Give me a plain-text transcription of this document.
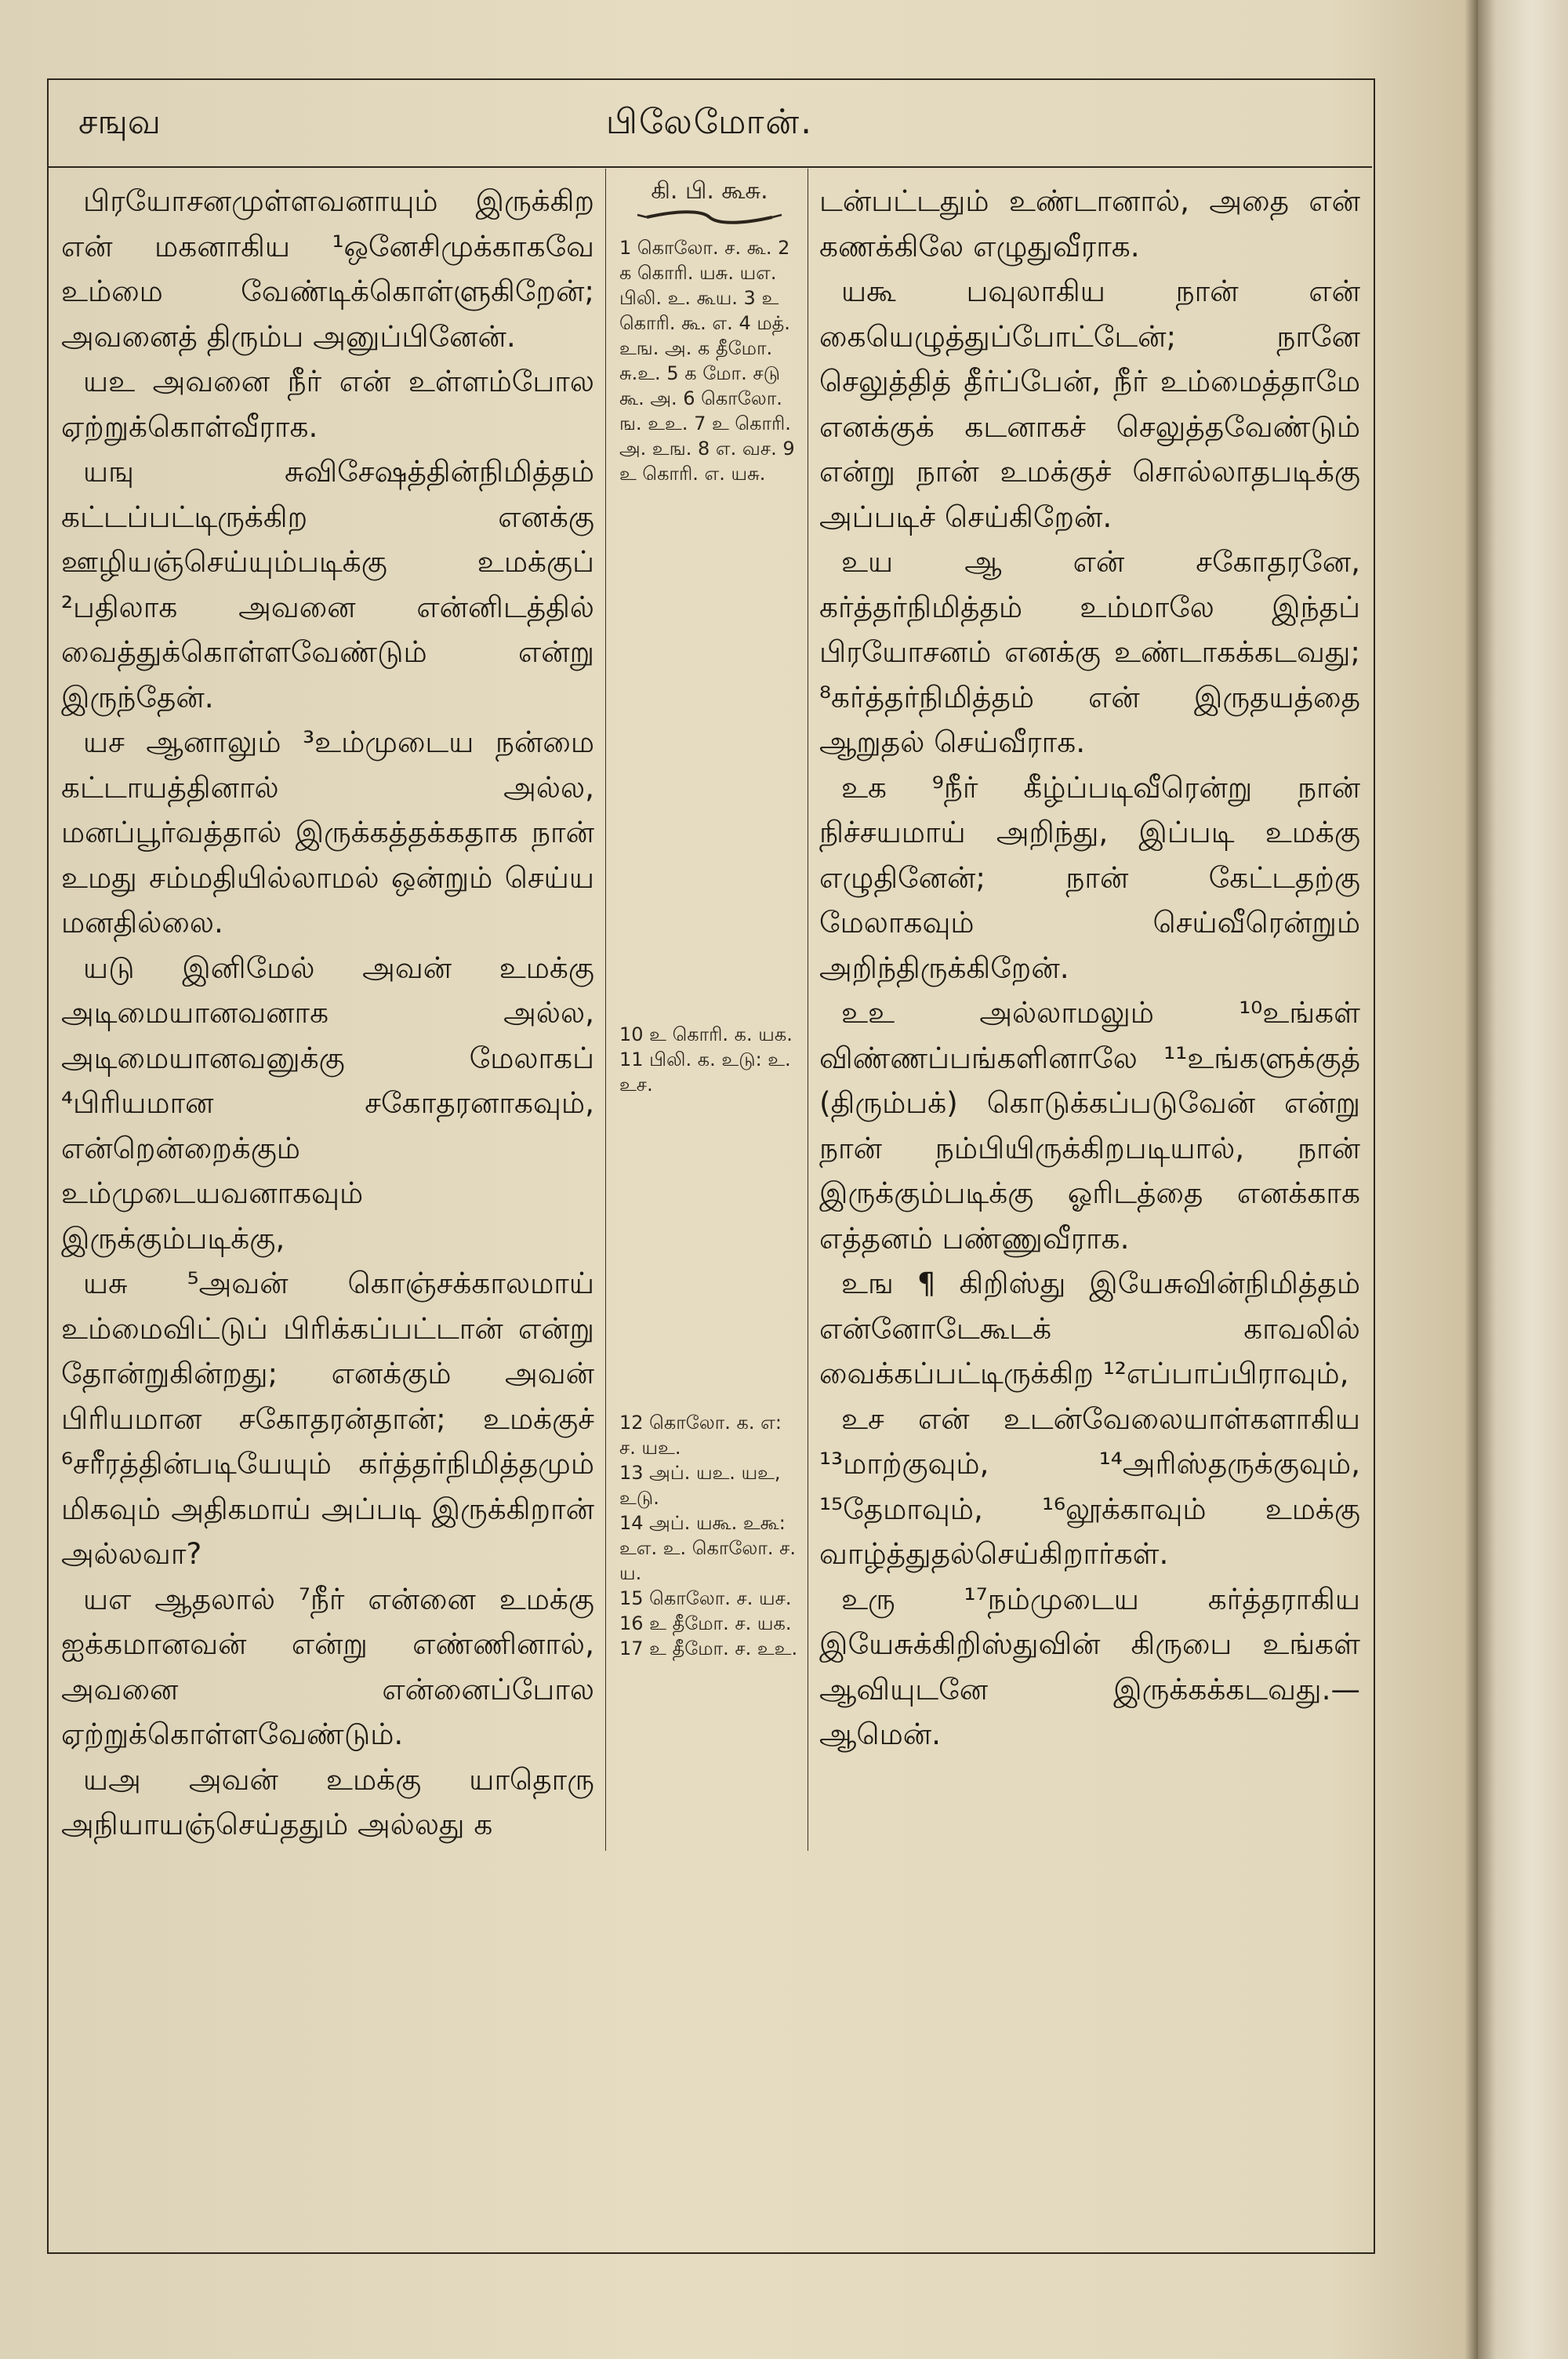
சஙுவ	பிலேமோன்.

பிரயோசனமுள்ளவனாயும் இருக்கிற என் மகனாகிய ¹ஒனேசிமுக்காகவே உம்மை வேண்டிக்கொள்ளுகிறேன்; அவனைத் திரும்ப அனுப்பினேன்.

யஉ அவனை நீர் என் உள்ளம்போல ஏற்றுக்கொள்வீராக.

யஙு சுவிசேஷத்தின்நிமித்தம் கட்டப்பட்டிருக்கிற எனக்கு ஊழியஞ்செய்யும்படிக்கு உமக்குப் ²பதிலாக அவனை என்னிடத்தில் வைத்துக்கொள்ளவேண்டும் என்று இருந்தேன்.

யச ஆனாலும் ³உம்முடைய நன்மை கட்டாயத்தினால் அல்ல, மனப்பூர்வத்தால் இருக்கத்தக்கதாக நான் உமது சம்மதியில்லாமல் ஒன்றும் செய்ய மனதில்லை.

யடு இனிமேல் அவன் உமக்கு அடிமையானவனாக அல்ல, அடிமையானவனுக்கு மேலாகப் ⁴பிரியமான சகோதரனாகவும், என்றென்றைக்கும் உம்முடையவனாகவும் இருக்கும்படிக்கு,

யசு ⁵அவன் கொஞ்சக்காலமாய் உம்மைவிட்டுப் பிரிக்கப்பட்டான் என்று தோன்றுகின்றது; எனக்கும் அவன் பிரியமான சகோதரன்தான்; உமக்குச் ⁶சரீரத்தின்படியேயும் கர்த்தர்நிமித்தமும் மிகவும் அதிகமாய் அப்படி இருக்கிறான் அல்லவா?

யஎ ஆதலால் ⁷நீர் என்னை உமக்கு ஐக்கமானவன் என்று எண்ணினால், அவனை என்னைப்போல ஏற்றுக்கொள்ளவேண்டும்.

யஅ அவன் உமக்கு யாதொரு அநியாயஞ்செய்ததும் அல்லது க

கி. பி. கூசு.
1 கொலோ. ச. கூ. 2 க கொரி. யசு. யஎ. பிலி. உ. கூய. 3 உ கொரி. கூ. எ. 4 மத். உங. அ. க தீமோ. சு.உ. 5 க மோ. சடு கூ. அ. 6 கொலோ. ங. உஉ. 7 உ கொரி. அ. உங. 8 எ. வச. 9 உ கொரி. எ. யசு.
10 உ கொரி. க. யக.
11 பிலி. க. உடு: உ. உச.
12 கொலோ. க. எ: ச. யஉ.
13 அப். யஉ. யஉ, உடு.
14 அப். யகூ. உகூ: உஎ. உ. கொலோ. ச. ய.
15 கொலோ. ச. யச.
16 உ தீமோ. ச. யக.
17 உ தீமோ. ச. உஉ.

டன்பட்டதும் உண்டானால், அதை என் கணக்கிலே எழுதுவீராக.

யகூ பவுலாகிய நான் என் கையெழுத்துப்போட்டேன்; நானே செலுத்தித் தீர்ப்பேன், நீர் உம்மைத்தாமே எனக்குக் கடனாகச் செலுத்தவேண்டும் என்று நான் உமக்குச் சொல்லாதபடிக்கு அப்படிச் செய்கிறேன்.

உய ஆ என் சகோதரனே, கர்த்தர்நிமித்தம் உம்மாலே இந்தப் பிரயோசனம் எனக்கு உண்டாகக்கடவது; ⁸கர்த்தர்நிமித்தம் என் இருதயத்தை ஆறுதல் செய்வீராக.

உக ⁹நீர் கீழ்ப்படிவீரென்று நான் நிச்சயமாய் அறிந்து, இப்படி உமக்கு எழுதினேன்; நான் கேட்டதற்கு மேலாகவும் செய்வீரென்றும் அறிந்திருக்கிறேன்.

உஉ அல்லாமலும் ¹⁰உங்கள் விண்ணப்பங்களினாலே ¹¹உங்களுக்குத் (திரும்பக்) கொடுக்கப்படுவேன் என்று நான் நம்பியிருக்கிறபடியால், நான் இருக்கும்படிக்கு ஓரிடத்தை எனக்காக எத்தனம் பண்ணுவீராக.

உங ¶ கிறிஸ்து இயேசுவின்நிமித்தம் என்னோடேகூடக் காவலில் வைக்கப்பட்டிருக்கிற ¹²எப்பாப்பிராவும்,

உச என் உடன்வேலையாள்களாகிய ¹³மாற்குவும், ¹⁴அரிஸ்தருக்குவும், ¹⁵தேமாவும், ¹⁶லூக்காவும் உமக்கு வாழ்த்துதல்செய்கிறார்கள்.

உரு ¹⁷நம்முடைய கர்த்தராகிய இயேசுக்கிறிஸ்துவின் கிருபை உங்கள் ஆவியுடனே இருக்கக்கடவது.—ஆமென்.
